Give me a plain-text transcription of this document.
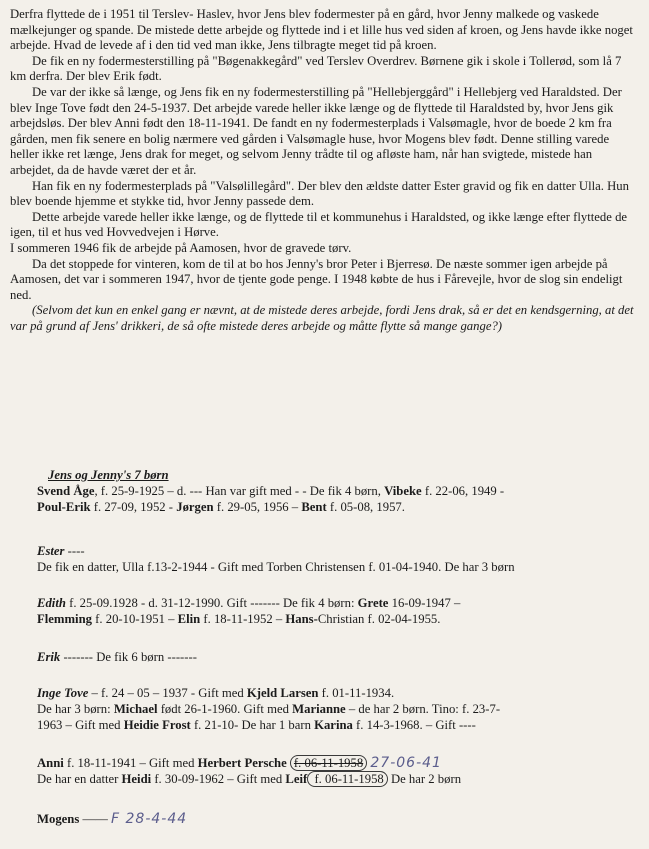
Derfra flyttede de i 1951 til Terslev- Haslev, hvor Jens blev fodermester på en gård, hvor Jenny malkede og vaskede mælkejunger og spande. De mistede dette arbejde og flyttede ind i et lille hus ved siden af kroen, og Jens havde ikke noget arbejde. Hvad de levede af i den tid ved man ikke, Jens tilbragte meget tid på kroen.

De fik en ny fodermesterstilling på "Bøgenakkegård" ved Terslev Overdrev. Børnene gik i skole i Tollerød, som lå 7 km derfra. Der blev Erik født.

De var der ikke så længe, og Jens fik en ny fodermesterstilling på "Hellebjerggård" i Hellebjerg ved Haraldsted. Der blev Inge Tove født den 24-5-1937. Det arbejde varede heller ikke længe og de flyttede til Haraldsted by, hvor Jens gik arbejdsløs. Der blev Anni født den 18-11-1941. De fandt en ny fodermesterplads i Valsømagle, hvor de boede 2 km fra gården, men fik senere en bolig nærmere ved gården i Valsømagle huse, hvor Mogens blev født. Denne stilling varede heller ikke ret længe, Jens drak for meget, og selvom Jenny trådte til og afløste ham, når han svigtede, mistede han arbejdet, da de havde været der et år.

Han fik en ny fodermesterplads på "Valsølillegård". Der blev den ældste datter Ester gravid og fik en datter Ulla. Hun blev boende hjemme et stykke tid, hvor Jenny passede dem.

Dette arbejde varede heller ikke længe, og de flyttede til et kommunehus i Haraldsted, og ikke længe efter flyttede de igen, til et hus ved Hovvedvejen i Hørve.

I sommeren 1946 fik de arbejde på Aamosen, hvor de gravede tørv.

Da det stoppede for vinteren, kom de til at bo hos Jenny's bror Peter i Bjerresø. De næste sommer igen arbejde på Aamosen, det var i sommeren 1947, hvor de tjente gode penge. I 1948 købte de hus i Fårevejle, hvor de slog sin endeligt ned.

(Selvom det kun en enkel gang er nævnt, at de mistede deres arbejde, fordi Jens drak, så er det en kendsgerning, at det var på grund af Jens' drikkeri, de så ofte mistede deres arbejde og måtte flytte så mange gange?)

Jens og Jenny's 7 børn
Svend Åge, f. 25-9-1925 – d. --- Han var gift med - - De fik 4 børn, Vibeke f. 22-06, 1949 -
Poul-Erik f. 27-09, 1952 - Jørgen f. 29-05, 1956 – Bent f. 05-08, 1957.
Ester ----
De fik en datter, Ulla f.13-2-1944 - Gift med Torben Christensen f. 01-04-1940. De har 3 børn
Edith f. 25-09.1928 - d. 31-12-1990. Gift ------- De fik 4 børn: Grete 16-09-1947 –
Flemming f. 20-10-1951 – Elin f. 18-11-1952 – Hans-Christian f. 02-04-1955.
Erik ------- De fik 6 børn -------
Inge Tove – f. 24 – 05 – 1937 - Gift med Kjeld Larsen f. 01-11-1934.
De har 3 børn: Michael født 26-1-1960. Gift med Marianne – de har 2 børn. Tino: f. 23-7-
1963 – Gift med Heidie Frost f. 21-10- De har 1 barn Karina f. 14-3-1968. – Gift ----
Anni f. 18-11-1941 – Gift med Herbert Persche f. 06-11-1958 27-06-41
De har en datter Heidi f. 30-09-1962 – Gift med Leif f. 06-11-1958 De har 2 børn
Mogens —— F 28-4-44
